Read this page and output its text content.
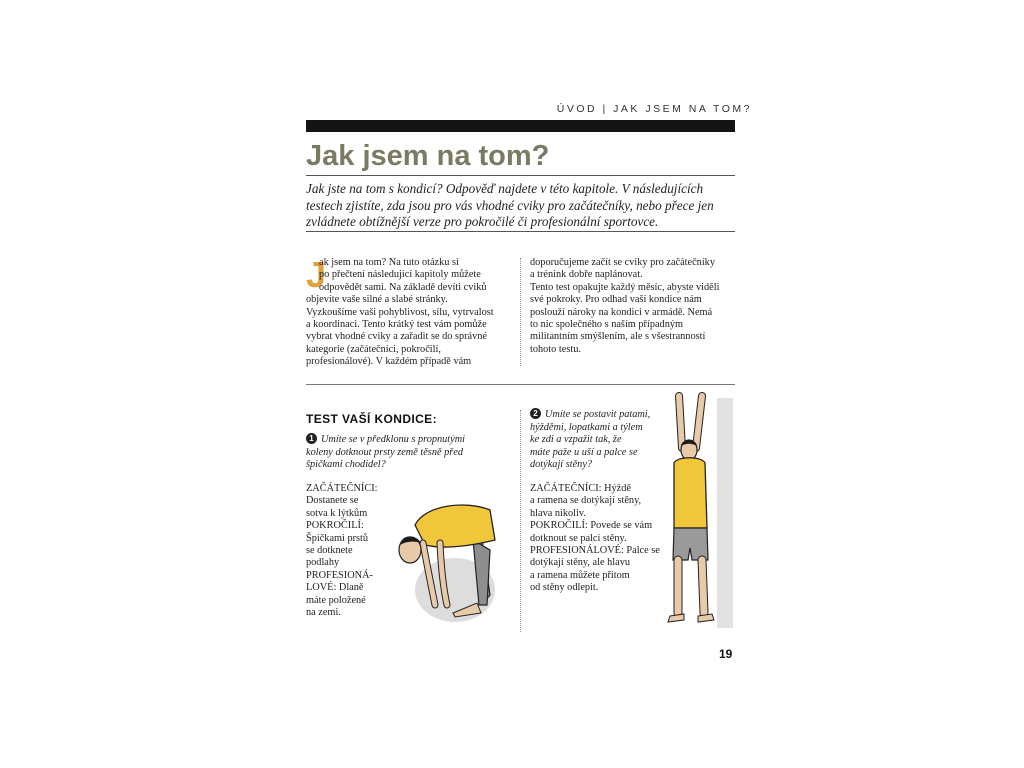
ÚVOD | JAK JSEM NA TOM?
Jak jsem na tom?

Jak jste na tom s kondicí? Odpověď najdete v této kapitole. V následujících testech zjistíte, zda jsou pro vás vhodné cviky pro začátečníky, nebo přece jen zvládnete obtížnější verze pro pokročilé či profesionální sportovce.

J

ak jsem na tom? Na tuto otázku si

po přečtení následující kapitoly můžete

odpovědět sami. Na základě devíti cviků

objevíte vaše silné a slabé stránky.

Vyzkoušíme vaši pohyblivost, sílu, vytrvalost

a koordinaci. Tento krátký test vám pomůže

vybrat vhodné cviky a zařadit se do správné

kategorie (začátečníci, pokročilí,

profesionálové). V každém případě vám

doporučujeme začít se cviky pro začátečníky

a trénink dobře naplánovat.

Tento test opakujte každý měsíc, abyste viděli

své pokroky. Pro odhad vaší kondice nám

poslouží nároky na kondici v armádě. Nemá

to nic společného s naším případným

militantním smýšlením, ale s všestranností

tohoto testu.

TEST VAŠÍ KONDICE:
1 Umíte se v předklonu s propnutými
koleny dotknout prsty země těsně před
špičkami chodidel?

ZAČÁTEČNÍCI:

Dostanete se

sotva k lýtkům

POKROČILÍ:

Špičkami prstů

se dotknete

podlahy

PROFESIONÁ-

LOVÉ: Dlaně

máte položené

na zemi.

2 Umíte se postavit patami,
hýžděmi, lopatkami a týlem
ke zdi a vzpažit tak, že
máte paže u uší a palce se
dotýkají stěny?

ZAČÁTEČNÍCI: Hýždě

a ramena se dotýkají stěny,

hlava nikoliv.

POKROČILÍ: Povede se vám

dotknout se palci stěny.

PROFESIONÁLOVÉ: Palce se

dotýkají stěny, ale hlavu

a ramena můžete přitom

od stěny odlepit.

19
